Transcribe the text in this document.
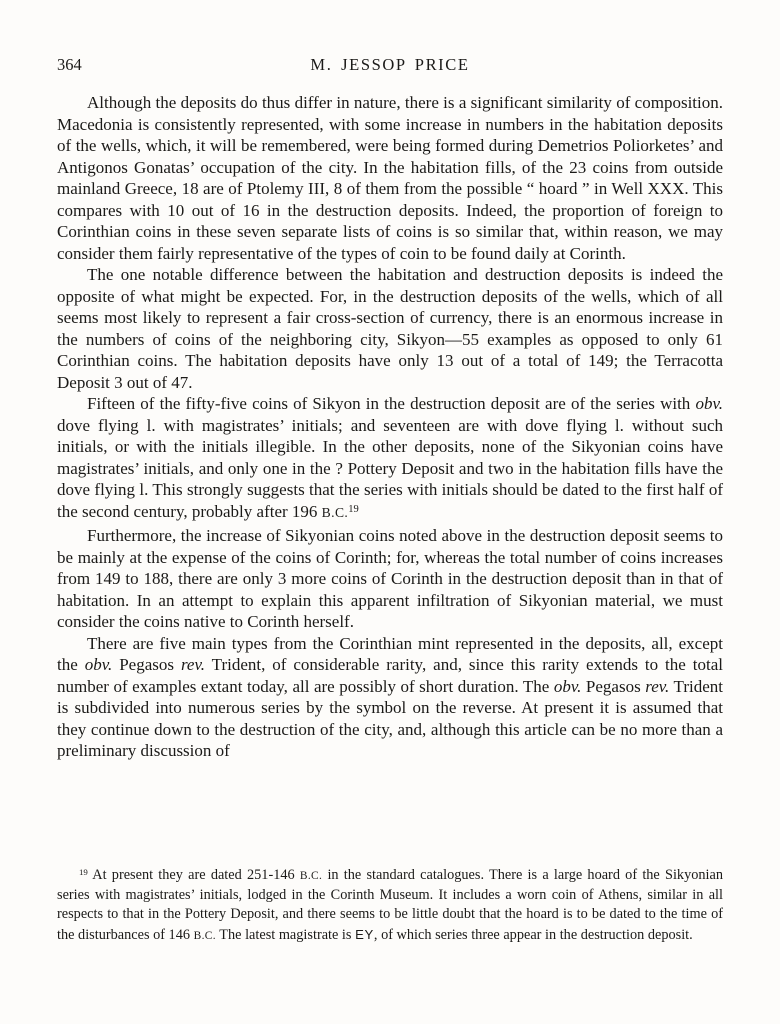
364	M. JESSOP PRICE

Although the deposits do thus differ in nature, there is a significant similarity of composition. Macedonia is consistently represented, with some increase in numbers in the habitation deposits of the wells, which, it will be remembered, were being formed during Demetrios Poliorketes’ and Antigonos Gonatas’ occupation of the city. In the habitation fills, of the 23 coins from outside mainland Greece, 18 are of Ptolemy III, 8 of them from the possible “ hoard ” in Well XXX. This compares with 10 out of 16 in the destruction deposits. Indeed, the proportion of foreign to Corinthian coins in these seven separate lists of coins is so similar that, within reason, we may consider them fairly representative of the types of coin to be found daily at Corinth.

The one notable difference between the habitation and destruction deposits is indeed the opposite of what might be expected. For, in the destruction deposits of the wells, which of all seems most likely to represent a fair cross-section of currency, there is an enormous increase in the numbers of coins of the neighboring city, Sikyon—55 examples as opposed to only 61 Corinthian coins. The habitation deposits have only 13 out of a total of 149; the Terracotta Deposit 3 out of 47.

Fifteen of the fifty-five coins of Sikyon in the destruction deposit are of the series with obv. dove flying l. with magistrates’ initials; and seventeen are with dove flying l. without such initials, or with the initials illegible. In the other deposits, none of the Sikyonian coins have magistrates’ initials, and only one in the ? Pottery Deposit and two in the habitation fills have the dove flying l. This strongly suggests that the series with initials should be dated to the first half of the second century, probably after 196 B.C.$^{19}$

Furthermore, the increase of Sikyonian coins noted above in the destruction deposit seems to be mainly at the expense of the coins of Corinth; for, whereas the total number of coins increases from 149 to 188, there are only 3 more coins of Corinth in the destruction deposit than in that of habitation. In an attempt to explain this apparent infiltration of Sikyonian material, we must consider the coins native to Corinth herself.

There are five main types from the Corinthian mint represented in the deposits, all, except the obv. Pegasos rev. Trident, of considerable rarity, and, since this rarity extends to the total number of examples extant today, all are possibly of short duration. The obv. Pegasos rev. Trident is subdivided into numerous series by the symbol on the reverse. At present it is assumed that they continue down to the destruction of the city, and, although this article can be no more than a preliminary discussion of

$^{19}$ At present they are dated 251-146 B.C. in the standard catalogues. There is a large hoard of the Sikyonian series with magistrates’ initials, lodged in the Corinth Museum. It includes a worn coin of Athens, similar in all respects to that in the Pottery Deposit, and there seems to be little doubt that the hoard is to be dated to the time of the disturbances of 146 B.C. The latest magistrate is EY, of which series three appear in the destruction deposit.
